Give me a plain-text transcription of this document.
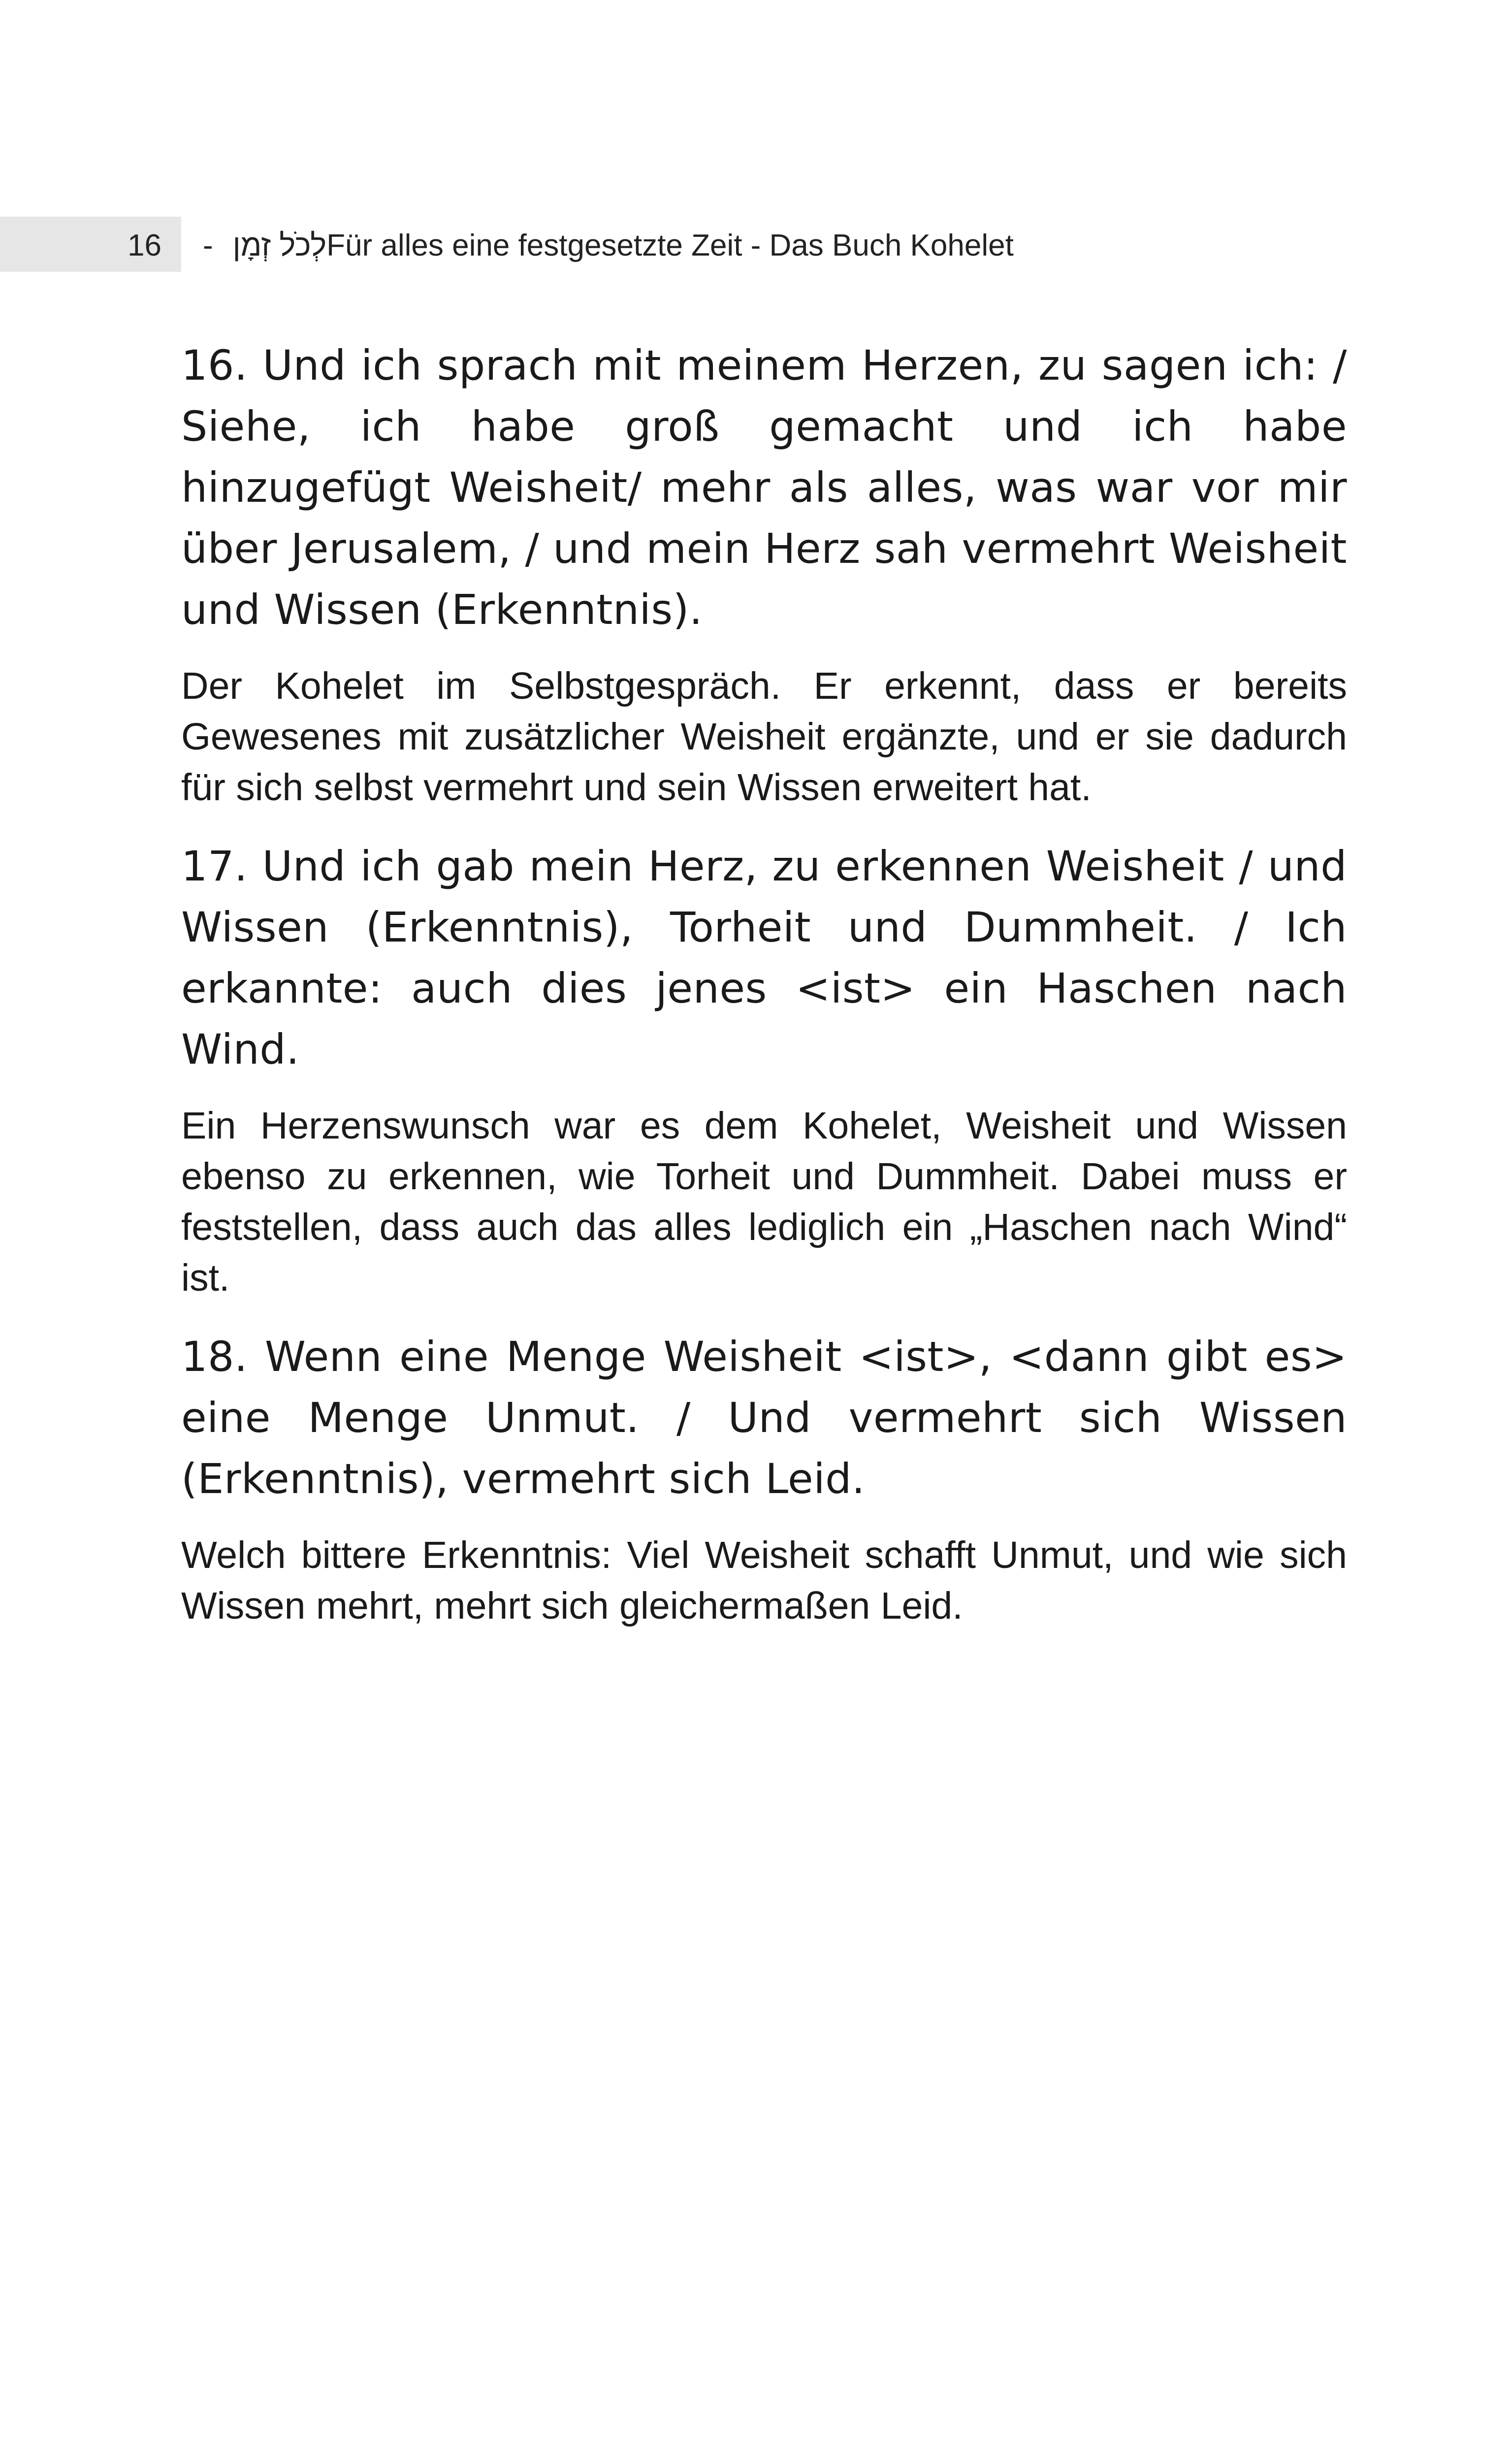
16 - לְכֹל זְמָןFür alles eine festgesetzte Zeit - Das Buch Kohelet

16. Und ich sprach mit meinem Herzen, zu sagen ich: / Siehe, ich habe groß gemacht und ich habe hinzugefügt Weisheit/ mehr als alles, was war vor mir über Jerusalem, / und mein Herz sah vermehrt Weisheit und Wissen (Erkenntnis).

Der Kohelet im Selbstgespräch. Er erkennt, dass er bereits Gewesenes mit zusätzlicher Weisheit ergänzte, und er sie dadurch für sich selbst vermehrt und sein Wissen erweitert hat.

17. Und ich gab mein Herz, zu erkennen Weisheit / und Wissen (Erkenntnis), Torheit und Dummheit. / Ich erkannte: auch dies jenes <ist> ein Haschen nach Wind.

Ein Herzenswunsch war es dem Kohelet, Weisheit und Wissen ebenso zu erkennen, wie Torheit und Dummheit. Dabei muss er feststellen, dass auch das alles lediglich ein „Haschen nach Wind“ ist.

18. Wenn eine Menge Weisheit <ist>, <dann gibt es> eine Menge Unmut. / Und vermehrt sich Wissen (Erkenntnis), vermehrt sich Leid.

Welch bittere Erkenntnis: Viel Weisheit schafft Unmut, und wie sich Wissen mehrt, mehrt sich gleichermaßen Leid.
